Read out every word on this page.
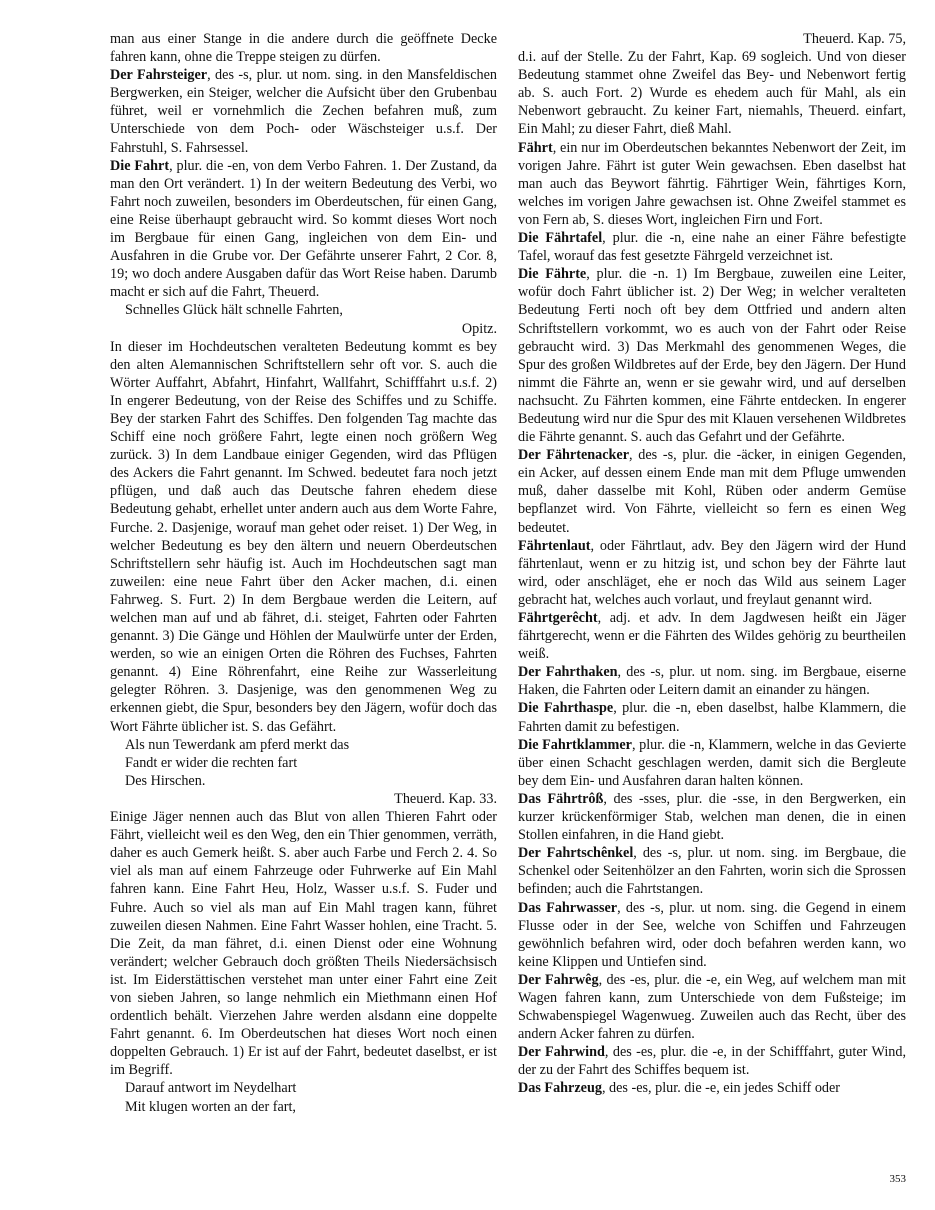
man aus einer Stange in die andere durch die geöffnete Decke fahren kann, ohne die Treppe steigen zu dürfen.

Der Fahrsteiger, des -s, plur. ut nom. sing. in den Mansfeldischen Bergwerken, ein Steiger, welcher die Aufsicht über den Grubenbau führet, weil er vornehmlich die Zechen befahren muß, zum Unterschiede von dem Poch- oder Wäschsteiger u.s.f. Der Fahrstuhl, S. Fahrsessel.

Die Fahrt, plur. die -en, von dem Verbo Fahren. 1. Der Zustand, da man den Ort verändert. 1) In der weitern Bedeutung des Verbi, wo Fahrt noch zuweilen, besonders im Oberdeutschen, für einen Gang, eine Reise überhaupt gebraucht wird. So kommt dieses Wort noch im Bergbaue für einen Gang, ingleichen von dem Ein- und Ausfahren in die Grube vor. Der Gefährte unserer Fahrt, 2 Cor. 8, 19; wo doch andere Ausgaben dafür das Wort Reise haben. Darumb macht er sich auf die Fahrt, Theuerd.

Schnelles Glück hält schnelle Fahrten,

Opitz.

In dieser im Hochdeutschen veralteten Bedeutung kommt es bey den alten Alemannischen Schriftstellern sehr oft vor. S. auch die Wörter Auffahrt, Abfahrt, Hinfahrt, Wallfahrt, Schifffahrt u.s.f. 2) In engerer Bedeutung, von der Reise des Schiffes und zu Schiffe. Bey der starken Fahrt des Schiffes. Den folgenden Tag machte das Schiff eine noch größere Fahrt, legte einen noch größern Weg zurück. 3) In dem Landbaue einiger Gegenden, wird das Pflügen des Ackers die Fahrt genannt. Im Schwed. bedeutet fara noch jetzt pflügen, und daß auch das Deutsche fahren ehedem diese Bedeutung gehabt, erhellet unter andern auch aus dem Worte Fahre, Furche. 2. Dasjenige, worauf man gehet oder reiset. 1) Der Weg, in welcher Bedeutung es bey den ältern und neuern Oberdeutschen Schriftstellern sehr häufig ist. Auch im Hochdeutschen sagt man zuweilen: eine neue Fahrt über den Acker machen, d.i. einen Fahrweg. S. Furt. 2) In dem Bergbaue werden die Leitern, auf welchen man auf und ab fähret, d.i. steiget, Fahrten oder Fahrten genannt. 3) Die Gänge und Höhlen der Maulwürfe unter der Erden, werden, so wie an einigen Orten die Röhren des Fuchses, Fahrten genannt. 4) Eine Röhrenfahrt, eine Reihe zur Wasserleitung gelegter Röhren. 3. Dasjenige, was den genommenen Weg zu erkennen giebt, die Spur, besonders bey den Jägern, wofür doch das Wort Fährte üblicher ist. S. das Gefährt.

Als nun Tewerdank am pferd merkt das

Fandt er wider die rechten fart

Des Hirschen.

Theuerd. Kap. 33.

Einige Jäger nennen auch das Blut von allen Thieren Fahrt oder Fährt, vielleicht weil es den Weg, den ein Thier genommen, verräth, daher es auch Gemerk heißt. S. aber auch Farbe und Ferch 2. 4. So viel als man auf einem Fahrzeuge oder Fuhrwerke auf Ein Mahl fahren kann. Eine Fahrt Heu, Holz, Wasser u.s.f. S. Fuder und Fuhre. Auch so viel als man auf Ein Mahl tragen kann, führet zuweilen diesen Nahmen. Eine Fahrt Wasser hohlen, eine Tracht. 5. Die Zeit, da man fähret, d.i. einen Dienst oder eine Wohnung verändert; welcher Gebrauch doch größten Theils Niedersächsisch ist. Im Eiderstättischen verstehet man unter einer Fahrt eine Zeit von sieben Jahren, so lange nehmlich ein Miethmann einen Hof ordentlich behält. Vierzehen Jahre werden alsdann eine doppelte Fahrt genannt. 6. Im Oberdeutschen hat dieses Wort noch einen doppelten Gebrauch. 1) Er ist auf der Fahrt, bedeutet daselbst, er ist im Begriff.

Darauf antwort im Neydelhart

Mit klugen worten an der fart,

Theuerd. Kap. 75,

d.i. auf der Stelle. Zu der Fahrt, Kap. 69 sogleich. Und von dieser Bedeutung stammet ohne Zweifel das Bey- und Nebenwort fertig ab. S. auch Fort. 2) Wurde es ehedem auch für Mahl, als ein Nebenwort gebraucht. Zu keiner Fart, niemahls, Theuerd. einfart, Ein Mahl; zu dieser Fahrt, dieß Mahl.

Fährt, ein nur im Oberdeutschen bekanntes Nebenwort der Zeit, im vorigen Jahre. Fährt ist guter Wein gewachsen. Eben daselbst hat man auch das Beywort fährtig. Fährtiger Wein, fährtiges Korn, welches im vorigen Jahre gewachsen ist. Ohne Zweifel stammet es von Fern ab, S. dieses Wort, ingleichen Firn und Fort.

Die Fährtafel, plur. die -n, eine nahe an einer Fähre befestigte Tafel, worauf das fest gesetzte Fährgeld verzeichnet ist.

Die Fährte, plur. die -n. 1) Im Bergbaue, zuweilen eine Leiter, wofür doch Fahrt üblicher ist. 2) Der Weg; in welcher veralteten Bedeutung Ferti noch oft bey dem Ottfried und andern alten Schriftstellern vorkommt, wo es auch von der Fahrt oder Reise gebraucht wird. 3) Das Merkmahl des genommenen Weges, die Spur des großen Wildbretes auf der Erde, bey den Jägern. Der Hund nimmt die Fährte an, wenn er sie gewahr wird, und auf derselben nachsucht. Zu Fährten kommen, eine Fährte entdecken. In engerer Bedeutung wird nur die Spur des mit Klauen versehenen Wildbretes die Fährte genannt. S. auch das Gefahrt und der Gefährte.

Der Fährtenacker, des -s, plur. die -äcker, in einigen Gegenden, ein Acker, auf dessen einem Ende man mit dem Pfluge umwenden muß, daher dasselbe mit Kohl, Rüben oder anderm Gemüse bepflanzet wird. Von Fährte, vielleicht so fern es einen Weg bedeutet.

Fährtenlaut, oder Fährtlaut, adv. Bey den Jägern wird der Hund fährtenlaut, wenn er zu hitzig ist, und schon bey der Fährte laut wird, oder anschläget, ehe er noch das Wild aus seinem Lager gebracht hat, welches auch vorlaut, und freylaut genannt wird.

Fährtgerêcht, adj. et adv. In dem Jagdwesen heißt ein Jäger fährtgerecht, wenn er die Fährten des Wildes gehörig zu beurtheilen weiß.

Der Fahrthaken, des -s, plur. ut nom. sing. im Bergbaue, eiserne Haken, die Fahrten oder Leitern damit an einander zu hängen.

Die Fahrthaspe, plur. die -n, eben daselbst, halbe Klammern, die Fahrten damit zu befestigen.

Die Fahrtklammer, plur. die -n, Klammern, welche in das Gevierte über einen Schacht geschlagen werden, damit sich die Bergleute bey dem Ein- und Ausfahren daran halten können.

Das Fährtrôß, des -sses, plur. die -sse, in den Bergwerken, ein kurzer krückenförmiger Stab, welchen man denen, die in einen Stollen einfahren, in die Hand giebt.

Der Fahrtschênkel, des -s, plur. ut nom. sing. im Bergbaue, die Schenkel oder Seitenhölzer an den Fahrten, worin sich die Sprossen befinden; auch die Fahrtstangen.

Das Fahrwasser, des -s, plur. ut nom. sing. die Gegend in einem Flusse oder in der See, welche von Schiffen und Fahrzeugen gewöhnlich befahren wird, oder doch befahren werden kann, wo keine Klippen und Untiefen sind.

Der Fahrwêg, des -es, plur. die -e, ein Weg, auf welchem man mit Wagen fahren kann, zum Unterschiede von dem Fußsteige; im Schwabenspiegel Wagenwueg. Zuweilen auch das Recht, über des andern Acker fahren zu dürfen.

Der Fahrwind, des -es, plur. die -e, in der Schifffahrt, guter Wind, der zu der Fahrt des Schiffes bequem ist.

Das Fahrzeug, des -es, plur. die -e, ein jedes Schiff oder

353
